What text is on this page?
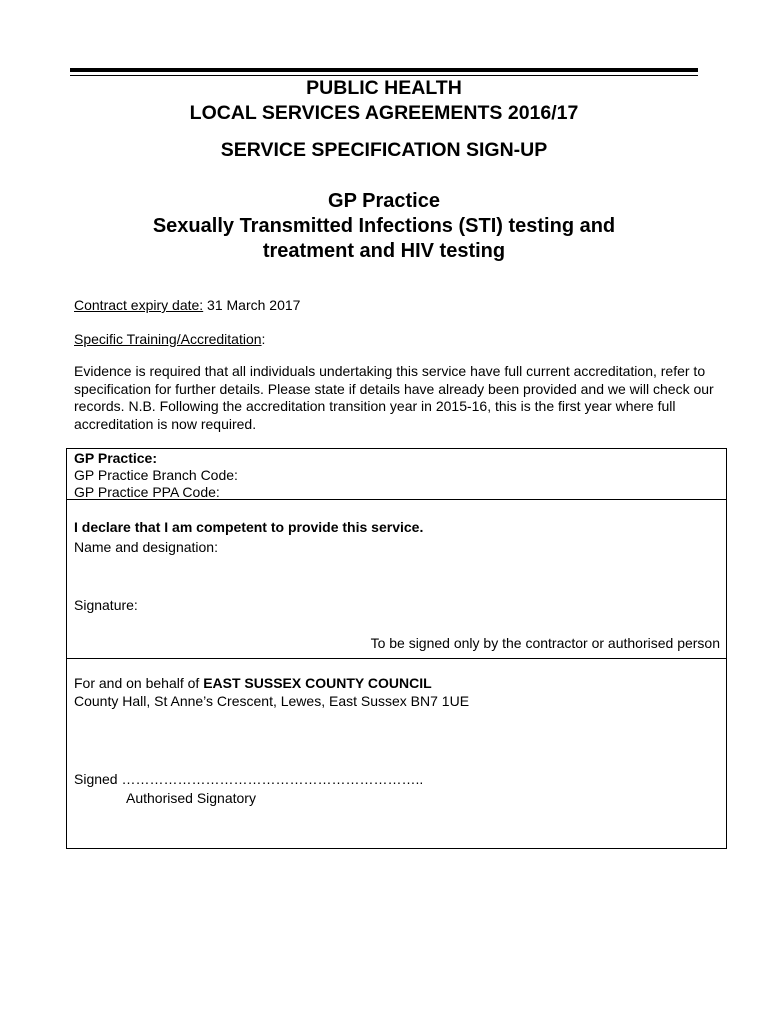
PUBLIC HEALTH
LOCAL SERVICES AGREEMENTS 2016/17
SERVICE SPECIFICATION SIGN-UP
GP Practice
Sexually Transmitted Infections (STI) testing and
treatment and HIV testing
Contract expiry date: 31 March 2017
Specific Training/Accreditation:
Evidence is required that all individuals undertaking this service have full current accreditation, refer to specification for further details. Please state if details have already been provided and we will check our records. N.B. Following the accreditation transition year in 2015-16, this is the first year where full accreditation is now required.
GP Practice:
GP Practice Branch Code:
GP Practice PPA Code:
I declare that I am competent to provide this service.
Name and designation:
Signature:
To be signed only by the contractor or authorised person
For and on behalf of EAST SUSSEX COUNTY COUNCIL
County Hall, St Anne’s Crescent, Lewes, East Sussex BN7 1UE
Signed ………………………………………………………..
Authorised Signatory
